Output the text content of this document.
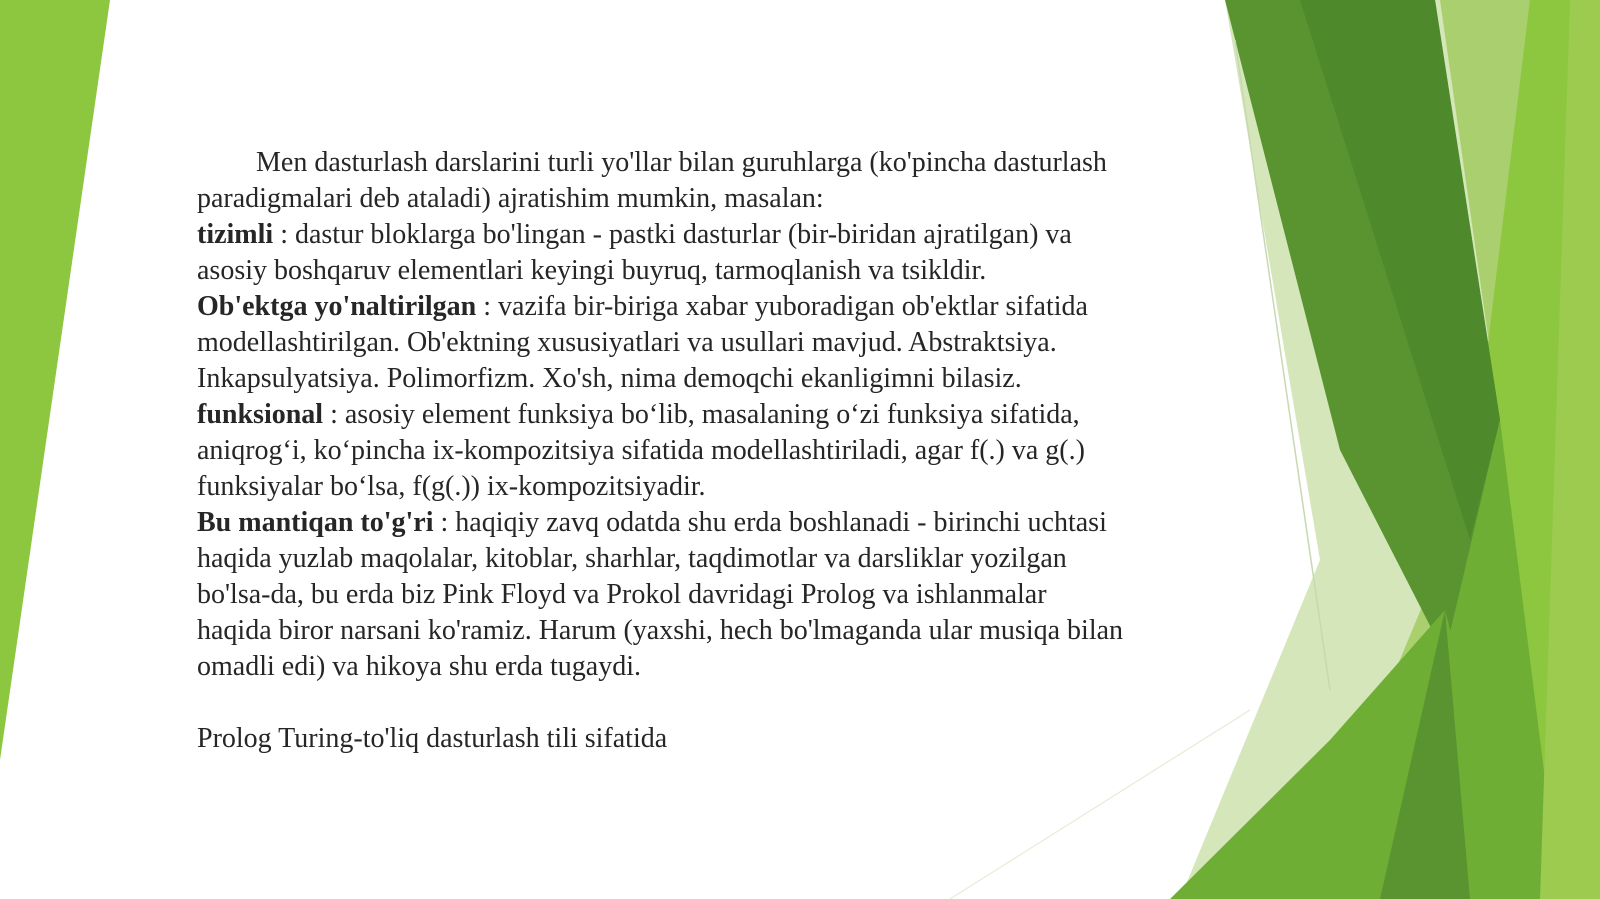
Men dasturlash darslarini turli yo'llar bilan guruhlarga (ko'pincha dasturlash paradigmalari deb ataladi) ajratishim mumkin, masalan:

tizimli : dastur bloklarga bo'lingan - pastki dasturlar (bir-biridan ajratilgan) va asosiy boshqaruv elementlari keyingi buyruq, tarmoqlanish va tsikldir.

Ob'ektga yo'naltirilgan : vazifa bir-biriga xabar yuboradigan ob'ektlar sifatida modellashtirilgan. Ob'ektning xususiyatlari va usullari mavjud. Abstraktsiya. Inkapsulyatsiya. Polimorfizm. Xo'sh, nima demoqchi ekanligimni bilasiz.

funksional : asosiy element funksiya bo‘lib, masalaning o‘zi funksiya sifatida, aniqrog‘i, ko‘pincha ix-kompozitsiya sifatida modellashtiriladi, agar f(.) va g(.) funksiyalar bo‘lsa, f(g(.)) ix-kompozitsiyadir.

Bu mantiqan to'g'ri : haqiqiy zavq odatda shu erda boshlanadi - birinchi uchtasi haqida yuzlab maqolalar, kitoblar, sharhlar, taqdimotlar va darsliklar yozilgan bo'lsa-da, bu erda biz Pink Floyd va Prokol davridagi Prolog va ishlanmalar haqida biror narsani ko'ramiz. Harum (yaxshi, hech bo'lmaganda ular musiqa bilan omadli edi) va hikoya shu erda tugaydi.

Prolog Turing-to'liq dasturlash tili sifatida
